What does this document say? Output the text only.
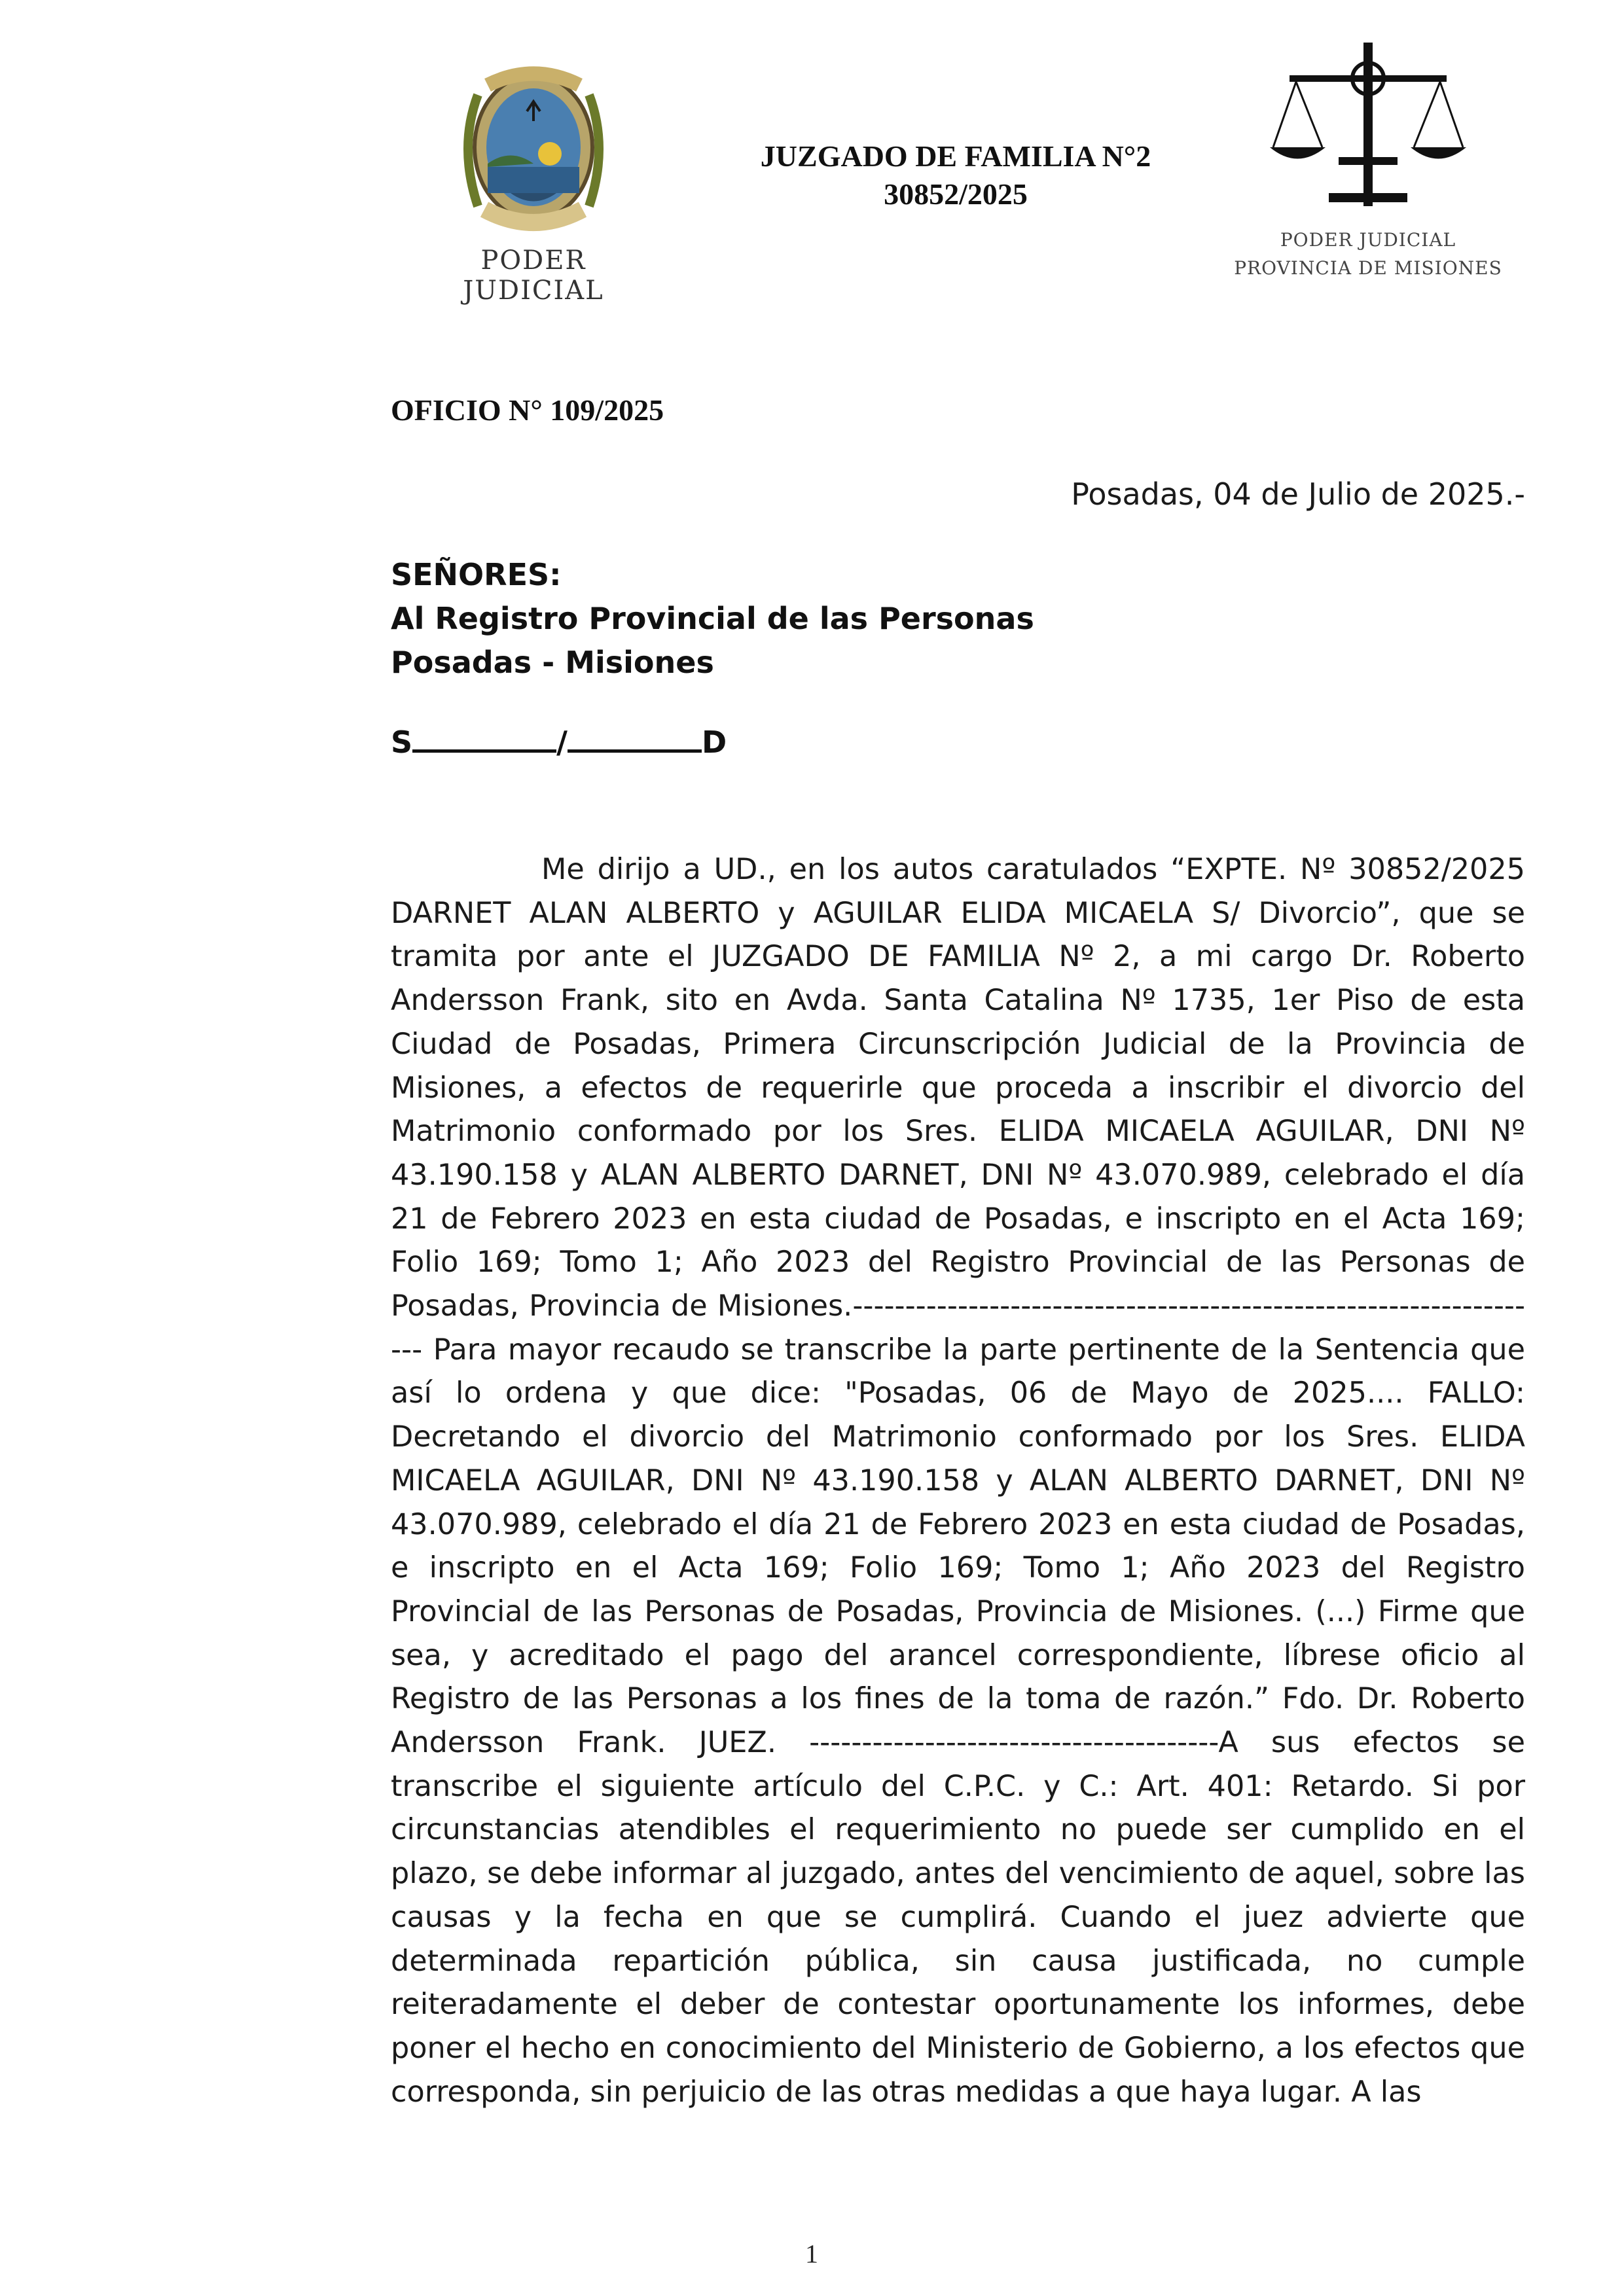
PODER JUDICIAL
JUZGADO DE FAMILIA N°2
30852/2025
PODER JUDICIAL
PROVINCIA DE MISIONES
OFICIO N° 109/2025
Posadas, 04 de Julio de 2025.-
SEÑORES:
Al Registro Provincial de las Personas
Posadas - Misiones
S	/	D

Me dirijo a UD., en los autos caratulados “EXPTE. Nº 30852/2025 DARNET ALAN ALBERTO y AGUILAR ELIDA MICAELA S/ Divorcio”, que se tramita por ante el JUZGADO DE FAMILIA Nº 2, a mi cargo Dr. Roberto Andersson Frank, sito en Avda. Santa Catalina Nº 1735, 1er Piso de esta Ciudad de Posadas, Primera Circunscripción Judicial de la Provincia de Misiones, a efectos de requerirle que proceda a inscribir el divorcio del Matrimonio conformado por los Sres. ELIDA MICAELA AGUILAR, DNI Nº 43.190.158 y ALAN ALBERTO DARNET, DNI Nº 43.070.989, celebrado el día 21 de Febrero 2023 en esta ciudad de Posadas, e inscripto en el Acta 169; Folio 169; Tomo 1; Año 2023 del Registro Provincial de las Personas de Posadas, Provincia de Misiones.------------------------------------------------------------------- Para mayor recaudo se transcribe la parte pertinente de la Sentencia que así lo ordena y que dice: "Posadas, 06 de Mayo de 2025.... FALLO: Decretando el divorcio del Matrimonio conformado por los Sres. ELIDA MICAELA AGUILAR, DNI Nº 43.190.158 y ALAN ALBERTO DARNET, DNI Nº 43.070.989, celebrado el día 21 de Febrero 2023 en esta ciudad de Posadas, e inscripto en el Acta 169; Folio 169; Tomo 1; Año 2023 del Registro Provincial de las Personas de Posadas, Provincia de Misiones. (...) Firme que sea, y acreditado el pago del arancel correspondiente, líbrese oficio al Registro de las Personas a los fines de la toma de razón.” Fdo. Dr. Roberto Andersson Frank. JUEZ. ---------------------------------------A sus efectos se transcribe el siguiente artículo del C.P.C. y C.: Art. 401: Retardo. Si por circunstancias atendibles el requerimiento no puede ser cumplido en el plazo, se debe informar al juzgado, antes del vencimiento de aquel, sobre las causas y la fecha en que se cumplirá. Cuando el juez advierte que determinada repartición pública, sin causa justificada, no cumple reiteradamente el deber de contestar oportunamente los informes, debe poner el hecho en conocimiento del Ministerio de Gobierno, a los efectos que corresponda, sin perjuicio de las otras medidas a que haya lugar. A las

1
